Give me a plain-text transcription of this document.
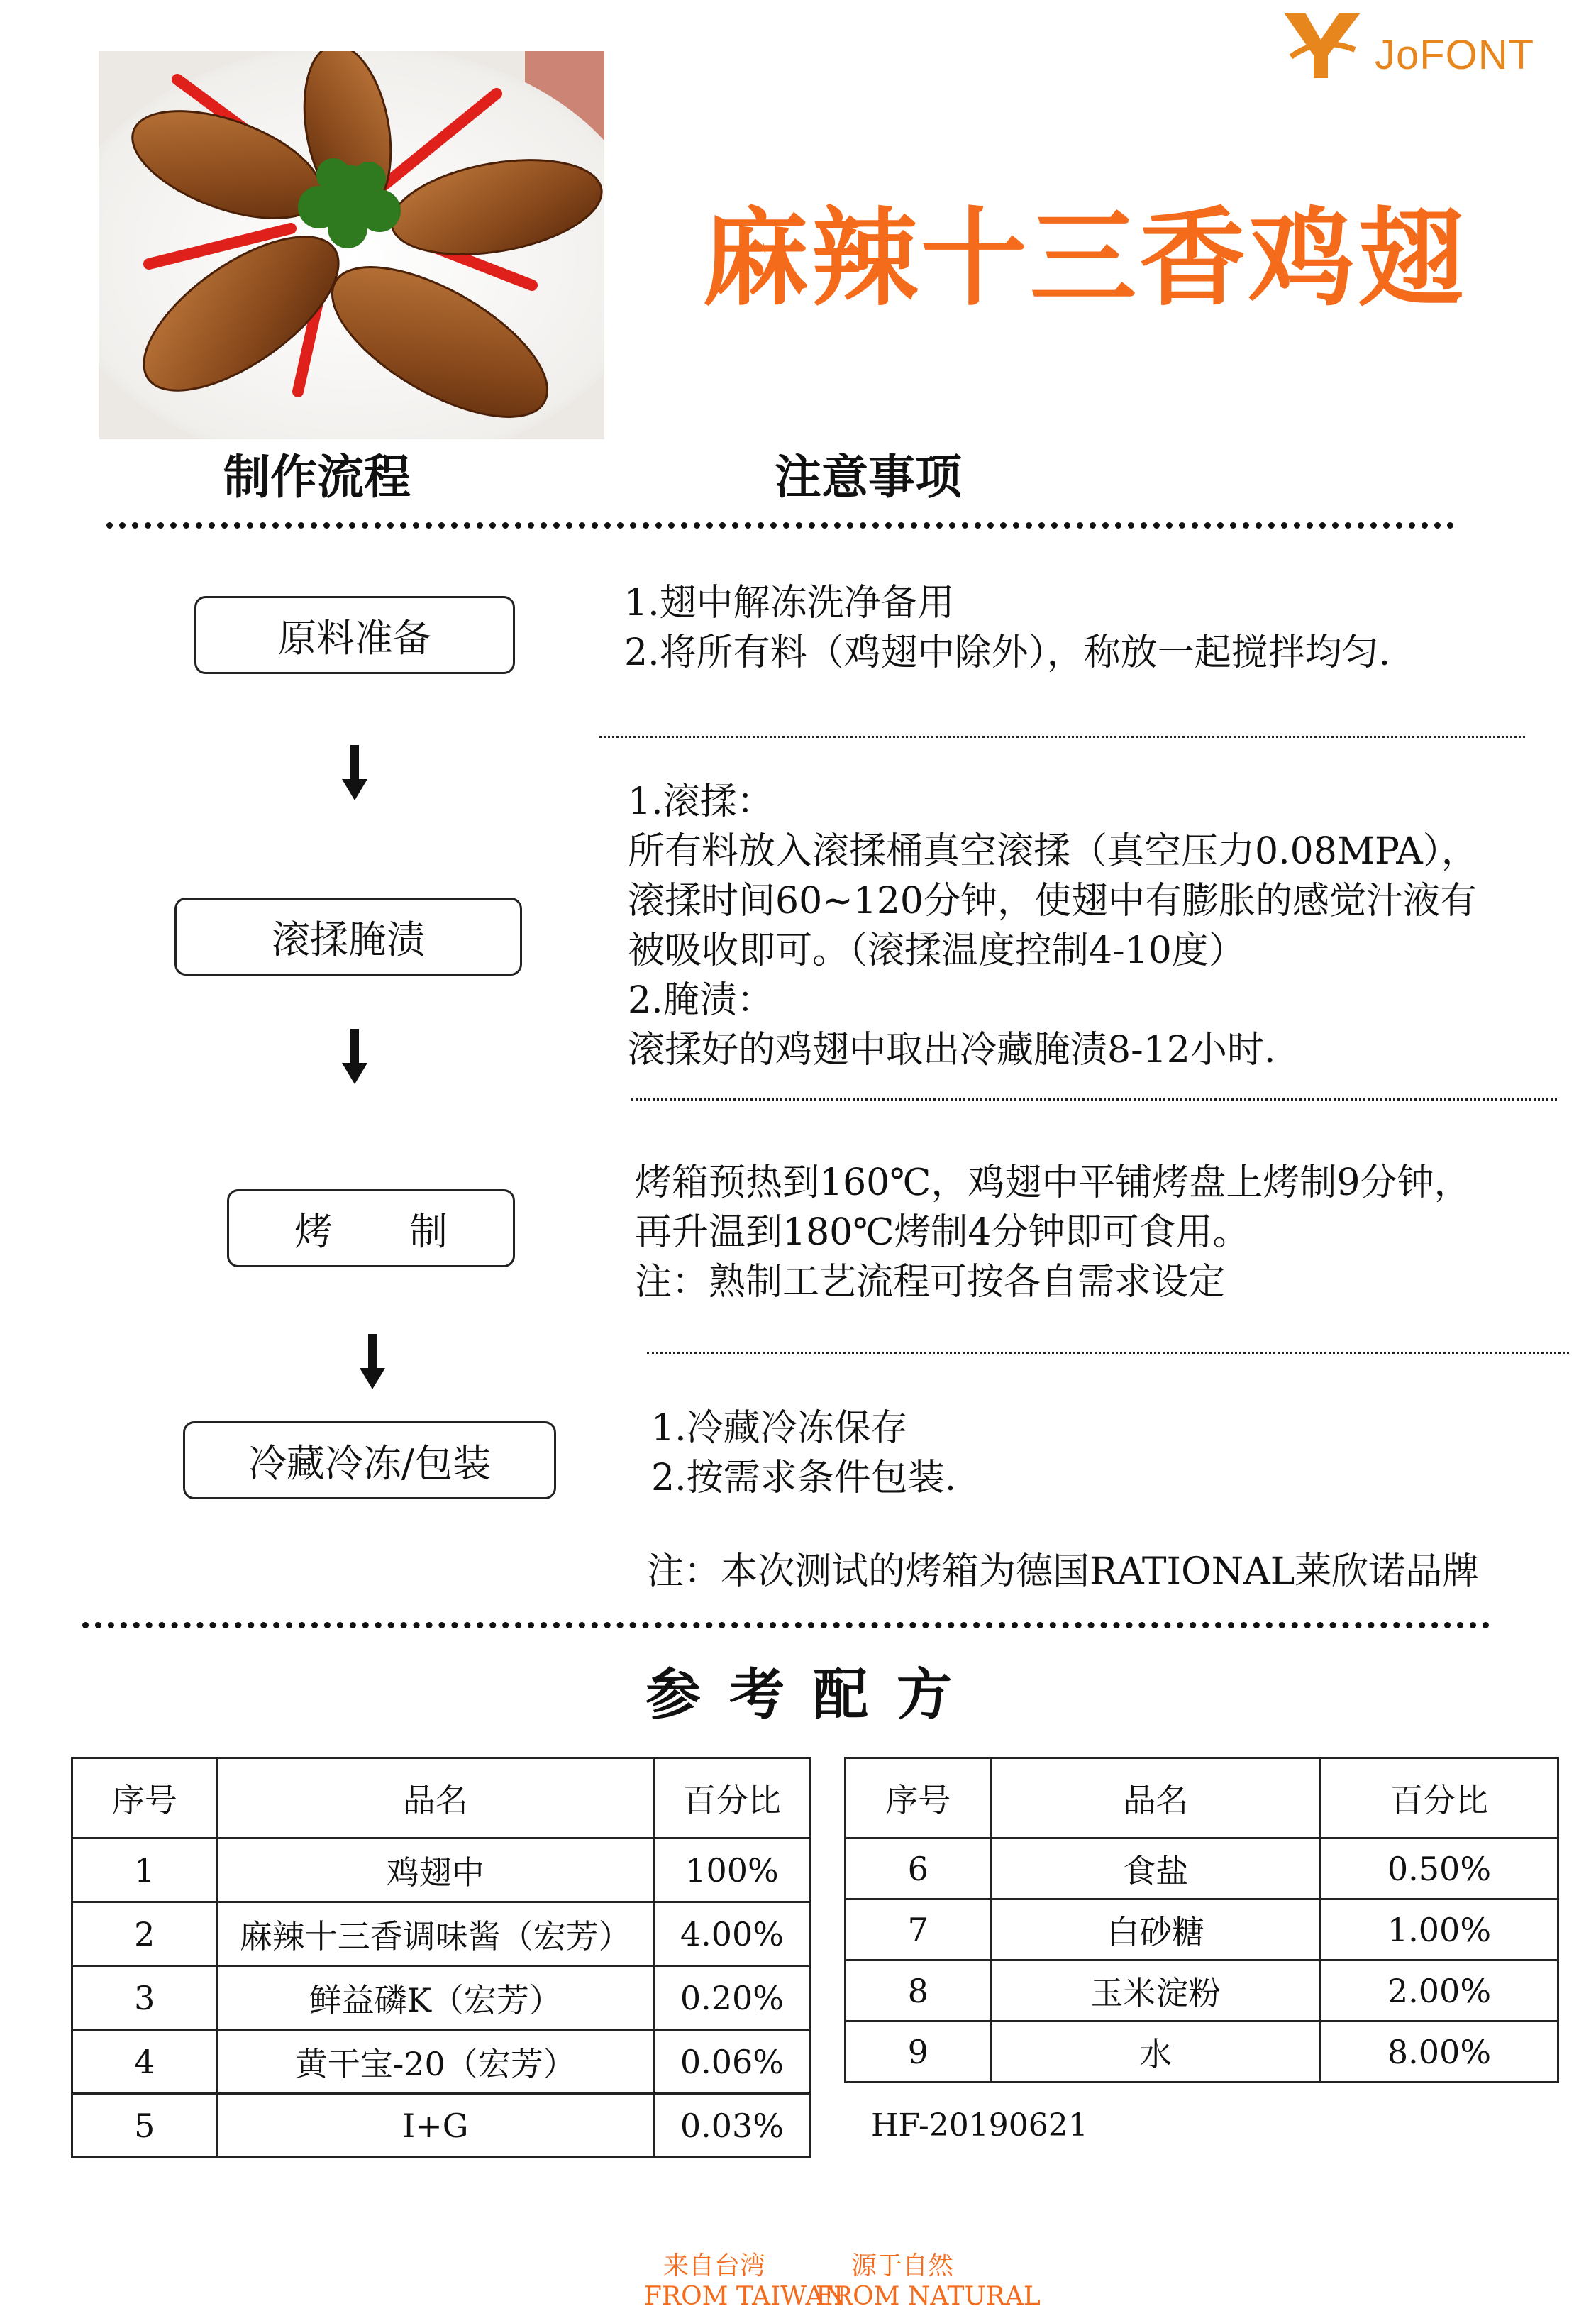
JoFONT
麻辣十三香鸡翅
制作流程	注意事项
原料准备
1.翅中解冻洗净备用
2.将所有料（鸡翅中除外），称放一起搅拌均匀.
滚揉腌渍
1.滚揉：
所有料放入滚揉桶真空滚揉（真空压力0.08MPA），
滚揉时间60~120分钟，使翅中有膨胀的感觉汁液有
被吸收即可。（滚揉温度控制4-10度）
2.腌渍：
滚揉好的鸡翅中取出冷藏腌渍8-12小时.
烤　　制
烤箱预热到160℃，鸡翅中平铺烤盘上烤制9分钟，
再升温到180℃烤制4分钟即可食用。
注：熟制工艺流程可按各自需求设定
冷藏冷冻/包装
1.冷藏冷冻保存
2.按需求条件包装.
注：本次测试的烤箱为德国RATIONAL莱欣诺品牌
参考配方
序号	品名	百分比
1	鸡翅中	100%
2	麻辣十三香调味酱（宏芳）	4.00%
3	鲜益磷K（宏芳）	0.20%
4	黄干宝-20（宏芳）	0.06%
5	I+G	0.03%
序号	品名	百分比
6	食盐	0.50%
7	白砂糖	1.00%
8	玉米淀粉	2.00%
9	水	8.00%
HF-20190621
来自台湾	源于自然
FROM TAIWAN
FROM NATURAL
